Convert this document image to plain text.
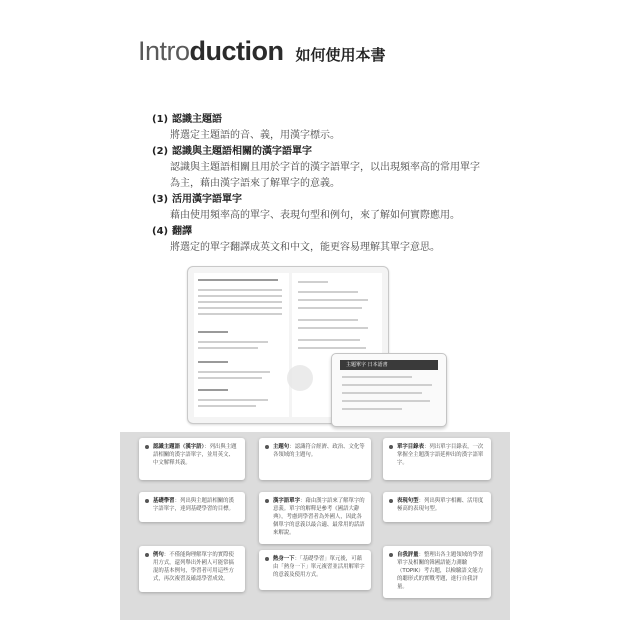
Intro duction 如何使用本書
(1) 認識主題語
將選定主題語的音、義，用漢字標示。
(2) 認識與主題語相關的漢字語單字
認識與主題語相關且用於字首的漢字語單字，以出現頻率高的常用單字為主，藉由漢字語來了解單字的意義。
(3) 活用漢字語單字
藉由使用頻率高的單字、表現句型和例句，來了解如何實際應用。
(4) 翻譯
將選定的單字翻譯成英文和中文，能更容易理解其單字意思。
主題單字 日本語書
認識主題語（漢字語）：列出與主題語相關的漢字語單字，並用英文、中文解釋其義。
主題句：認識符合經濟、政治、文化等各領域的主題句。
單字目錄表：列出單字目錄表，一次掌握全主題漢字語延伸出的漢字語單字。
基礎學習：列出與主題語相關的漢字語單字，達到基礎學習的目標。
漢字語單字：藉由漢字語來了解單字的意義。單字的解釋是參考《國語大辭典》，考慮到學習者為外國人，因此各個單字的意義以最合適、最常用的話語來解說。
表現句型：列出與單字相關、活用度極高的表現句型。
例句：不僅能夠理解單字的實際使用方式，還列舉出外國人可能常搞混的基本例句，學習者可用這些方式，再次複習及確認學習成效。
熱身一下：「基礎學習」單元後，可藉由「熱身一下」單元複習並活用解單字的意義及使用方式。
自我評量：整理出各主題領域的學習單字及相關的韓國語能力測驗（TOPIK）考古題，以檢驗語文能力的聽形式的實戰考題，進行自我評量。
